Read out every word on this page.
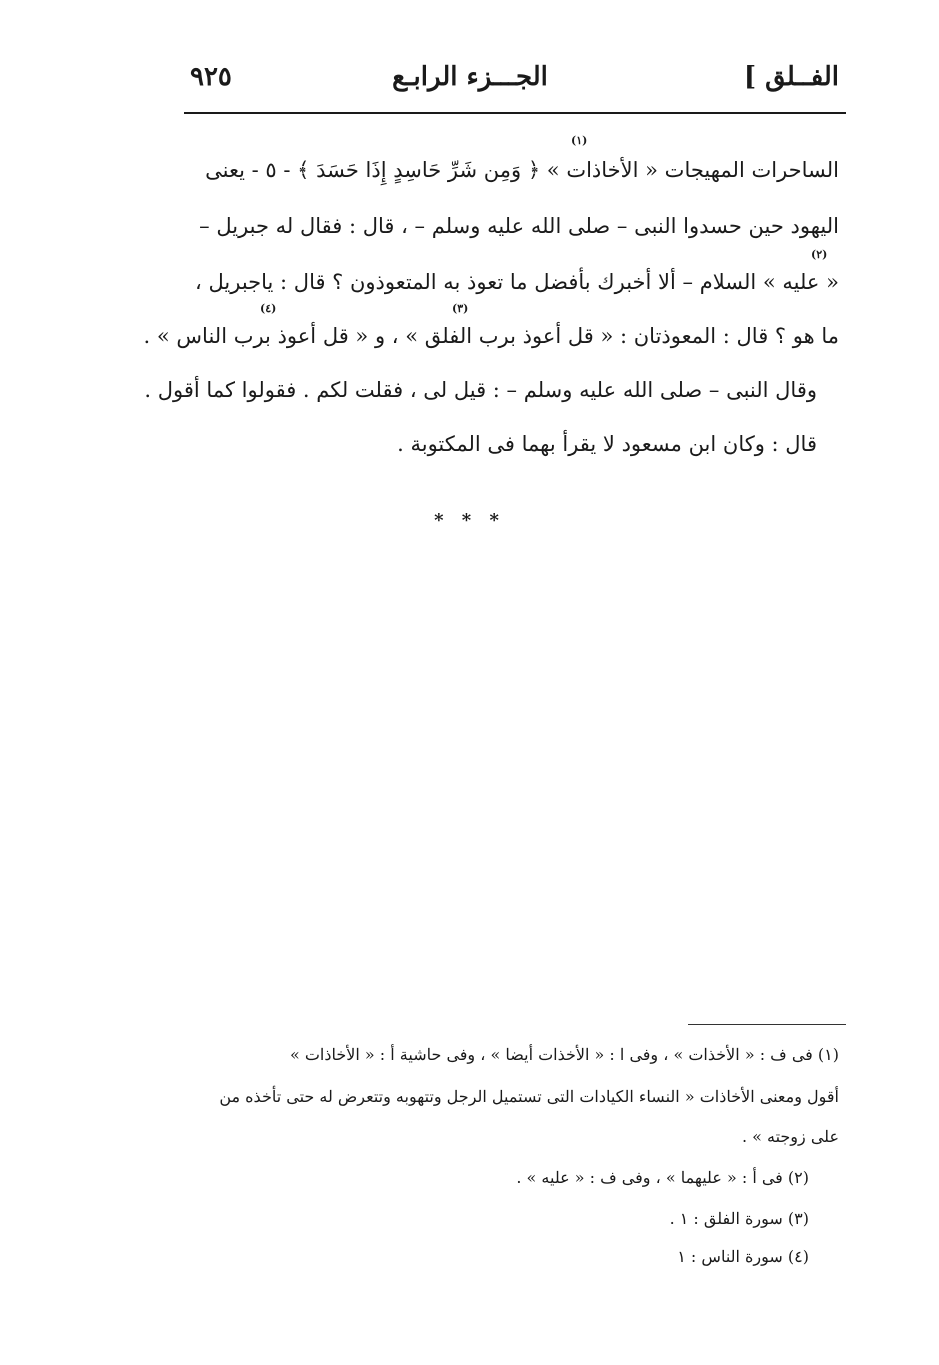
الفــلق ]
الجـــزء الرابـع
٩٢٥
(١)
(٢)
(٣)
(٤)
الساحرات المهيجات « الأخاذات » ﴿ وَمِن شَرِّ حَاسِدٍ إِذَا حَسَدَ ﴾ - ٥ - يعنى
اليهود حين حسدوا النبى – صلى الله عليه وسلم – ، قال : فقال له جبريل –
« عليه » السلام – ألا أخبرك بأفضل ما تعوذ به المتعوذون ؟ قال : ياجبريل ،
ما هو ؟ قال : المعوذتان : « قل أعوذ برب الفلق » ، و « قل أعوذ برب الناس » .
وقال النبى – صلى الله عليه وسلم – : قيل لى ، فقلت لكم . فقولوا كما أقول .
قال : وكان ابن مسعود لا يقرأ بهما فى المكتوبة .
* * *
(١) فى ف : « الأخذات » ، وفى ا : « الأخذات أيضا » ، وفى حاشية أ : « الأخاذات »
أقول ومعنى الأخاذات « النساء الكيادات التى تستميل الرجل وتتهوبه وتتعرض له حتى تأخذه من
على زوجته » .
(٢) فى أ : « عليهما » ، وفى ف : « عليه » .
(٣) سورة الفلق : ١ .
(٤) سورة الناس : ١
